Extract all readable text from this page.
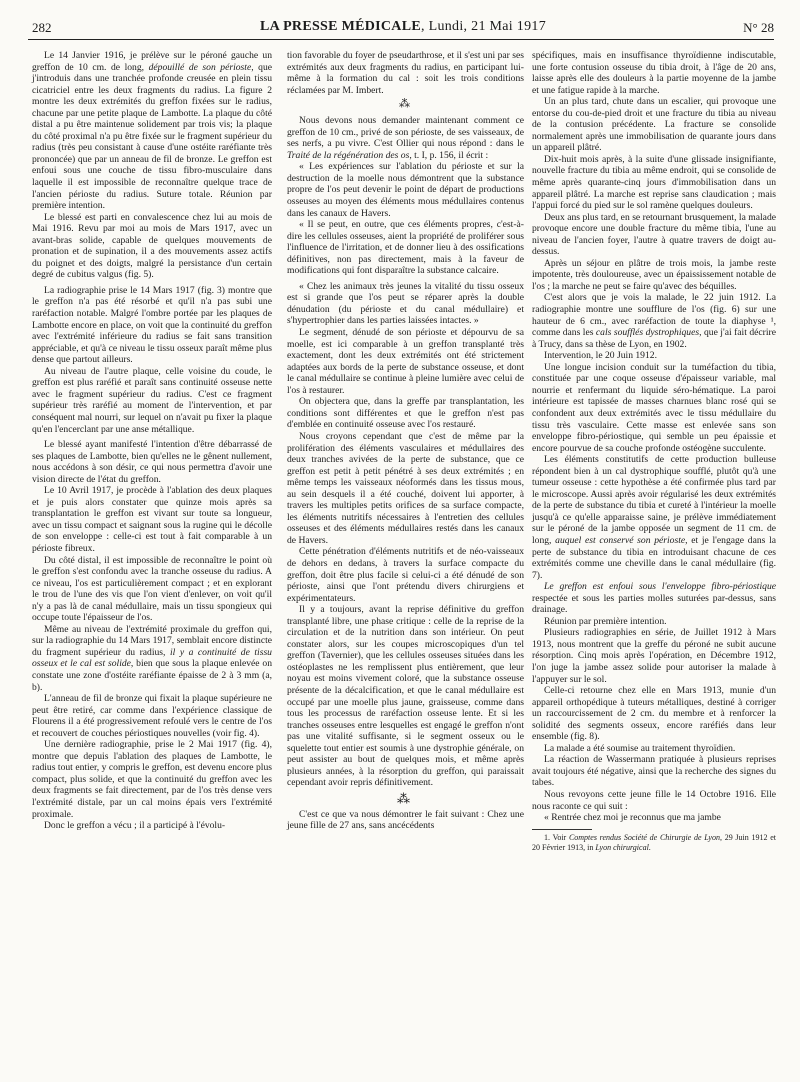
282	LA PRESSE MÉDICALE, Lundi, 21 Mai 1917	N° 28

Le 14 Janvier 1916, je prélève sur le péroné gauche un greffon de 10 cm. de long, dépouillé de son périoste, que j'introduis dans une tranchée profonde creusée en plein tissu cicatriciel entre les deux fragments du radius. La figure 2 montre les deux extrémités du greffon fixées sur le radius, chacune par une petite plaque de Lambotte. La plaque du côté distal a pu être maintenue solidement par trois vis; la plaque du côté proximal n'a pu être fixée sur le fragment supérieur du radius (très peu consistant à cause d'une ostéite raréfiante très prononcée) que par un anneau de fil de bronze. Le greffon est enfoui sous une couche de tissu fibro-musculaire dans laquelle il est impossible de reconnaître quelque trace de l'ancien périoste du radius. Suture totale. Réunion par première intention.

Le blessé est parti en convalescence chez lui au mois de Mai 1916. Revu par moi au mois de Mars 1917, avec un avant-bras solide, capable de quelques mouvements de pronation et de supination, il a des mouvements assez actifs du poignet et des doigts, malgré la persistance d'un certain degré de cubitus valgus (fig. 5).

La radiographie prise le 14 Mars 1917 (fig. 3) montre que le greffon n'a pas été résorbé et qu'il n'a pas subi une raréfaction notable. Malgré l'ombre portée par les plaques de Lambotte encore en place, on voit que la continuité du greffon avec l'extrémité inférieure du radius se fait sans transition appréciable, et qu'à ce niveau le tissu osseux paraît même plus dense que partout ailleurs.

Au niveau de l'autre plaque, celle voisine du coude, le greffon est plus raréfié et paraît sans continuité osseuse nette avec le fragment supérieur du radius. C'est ce fragment supérieur très raréfié au moment de l'intervention, et par conséquent mal nourri, sur lequel on n'avait pu fixer la plaque qu'en l'encerclant par une anse métallique.

Le blessé ayant manifesté l'intention d'être débarrassé de ses plaques de Lambotte, bien qu'elles ne le gênent nullement, nous accédons à son désir, ce qui nous permettra d'avoir une vision directe de l'état du greffon.

Le 10 Avril 1917, je procède à l'ablation des deux plaques et je puis alors constater que quinze mois après sa transplantation le greffon est vivant sur toute sa longueur, avec un tissu compact et saignant sous la rugine qui le décolle de son enveloppe : celle-ci est tout à fait comparable à un périoste fibreux.

Du côté distal, il est impossible de reconnaître le point où le greffon s'est confondu avec la tranche osseuse du radius. A ce niveau, l'os est particulièrement compact ; et en explorant le trou de l'une des vis que l'on vient d'enlever, on voit qu'il n'y a pas là de canal médullaire, mais un tissu spongieux qui occupe toute l'épaisseur de l'os.

Même au niveau de l'extrémité proximale du greffon qui, sur la radiographie du 14 Mars 1917, semblait encore distincte du fragment supérieur du radius, il y a continuité de tissu osseux et le cal est solide, bien que sous la plaque enlevée on constate une zone d'ostéite raréfiante épaisse de 2 à 3 mm (a, b).

L'anneau de fil de bronze qui fixait la plaque supérieure ne peut être retiré, car comme dans l'expérience classique de Flourens il a été progressivement refoulé vers le centre de l'os et recouvert de couches périostiques nouvelles (voir fig. 4).

Une dernière radiographie, prise le 2 Mai 1917 (fig. 4), montre que depuis l'ablation des plaques de Lambotte, le radius tout entier, y compris le greffon, est devenu encore plus compact, plus solide, et que la continuité du greffon avec les deux fragments se fait directement, par de l'os très dense vers l'extrémité distale, par un cal moins épais vers l'extrémité proximale.

Donc le greffon a vécu ; il a participé à l'évolu-

tion favorable du foyer de pseudarthrose, et il s'est uni par ses extrémités aux deux fragments du radius, en participant lui-même à la formation du cal : soit les trois conditions réclamées par M. Imbert.

⁂

Nous devons nous demander maintenant comment ce greffon de 10 cm., privé de son périoste, de ses vaisseaux, de ses nerfs, a pu vivre. C'est Ollier qui nous répond : dans le Traité de la régénération des os, t. I, p. 156, il écrit :

« Les expériences sur l'ablation du périoste et sur la destruction de la moelle nous démontrent que la substance propre de l'os peut devenir le point de départ de productions osseuses au moyen des éléments mous médullaires contenus dans les canaux de Havers.

« Il se peut, en outre, que ces éléments propres, c'est-à-dire les cellules osseuses, aient la propriété de proliférer sous l'influence de l'irritation, et de donner lieu à des ossifications définitives, non pas directement, mais à la faveur de modifications qui font disparaître la substance calcaire.

« Chez les animaux très jeunes la vitalité du tissu osseux est si grande que l'os peut se réparer après la double dénudation (du périoste et du canal médullaire) et s'hypertrophier dans les parties laissées intactes. »

Le segment, dénudé de son périoste et dépourvu de sa moelle, est ici comparable à un greffon transplanté très exactement, dont les deux extrémités ont été strictement adaptées aux bords de la perte de substance osseuse, et dont le canal médullaire se continue à pleine lumière avec celui de l'os à restaurer.

On objectera que, dans la greffe par transplantation, les conditions sont différentes et que le greffon n'est pas d'emblée en continuité osseuse avec l'os restauré.

Nous croyons cependant que c'est de même par la prolifération des éléments vasculaires et médullaires des deux tranches avivées de la perte de substance, que ce greffon est petit à petit pénétré à ses deux extrémités ; en même temps les vaisseaux néoformés dans les tissus mous, au sein desquels il a été couché, doivent lui apporter, à travers les multiples petits orifices de sa surface compacte, les éléments nutritifs nécessaires à l'entretien des cellules osseuses et des éléments médullaires restés dans les canaux de Havers.

Cette pénétration d'éléments nutritifs et de néo-vaisseaux de dehors en dedans, à travers la surface compacte du greffon, doit être plus facile si celui-ci a été dénudé de son périoste, ainsi que l'ont prétendu divers chirurgiens et expérimentateurs.

Il y a toujours, avant la reprise définitive du greffon transplanté libre, une phase critique : celle de la reprise de la circulation et de la nutrition dans son intérieur. On peut constater alors, sur les coupes microscopiques d'un tel greffon (Tavernier), que les cellules osseuses situées dans les ostéoplastes ne les remplissent plus entièrement, que leur noyau est moins vivement coloré, que la substance osseuse présente de la décalcification, et que le canal médullaire est occupé par une moelle plus jaune, graisseuse, comme dans tous les processus de raréfaction osseuse lente. Et si les tranches osseuses entre lesquelles est engagé le greffon n'ont pas une vitalité suffisante, si le segment osseux ou le squelette tout entier est soumis à une dystrophie générale, on peut assister au bout de quelques mois, et même après plusieurs années, à la résorption du greffon, qui paraissait cependant avoir repris définitivement.

⁂

C'est ce que va nous démontrer le fait suivant : Chez une jeune fille de 27 ans, sans ancécédents

spécifiques, mais en insuffisance thyroïdienne indiscutable, une forte contusion osseuse du tibia droit, à l'âge de 20 ans, laisse après elle des douleurs à la partie moyenne de la jambe et une fatigue rapide à la marche.

Un an plus tard, chute dans un escalier, qui provoque une entorse du cou-de-pied droit et une fracture du tibia au niveau de la contusion précédente. La fracture se consolide normalement après une immobilisation de quarante jours dans un appareil plâtré.

Dix-huit mois après, à la suite d'une glissade insignifiante, nouvelle fracture du tibia au même endroit, qui se consolide de même après quarante-cinq jours d'immobilisation dans un appareil plâtré. La marche est reprise sans claudication ; mais l'appui forcé du pied sur le sol ramène quelques douleurs.

Deux ans plus tard, en se retournant brusquement, la malade provoque encore une double fracture du même tibia, l'une au niveau de l'ancien foyer, l'autre à quatre travers de doigt au-dessus.

Après un séjour en plâtre de trois mois, la jambe reste impotente, très douloureuse, avec un épaississement notable de l'os ; la marche ne peut se faire qu'avec des béquilles.

C'est alors que je vois la malade, le 22 juin 1912. La radiographie montre une soufflure de l'os (fig. 6) sur une hauteur de 6 cm., avec raréfaction de toute la diaphyse ¹, comme dans les cals soufflés dystrophiques, que j'ai fait décrire à Trucy, dans sa thèse de Lyon, en 1902.

Intervention, le 20 Juin 1912.

Une longue incision conduit sur la tuméfaction du tibia, constituée par une coque osseuse d'épaisseur variable, mal nourrie et renfermant du liquide séro-hématique. La paroi intérieure est tapissée de masses charnues blanc rosé qui se confondent aux deux extrémités avec le tissu médullaire du tissu très vasculaire. Cette masse est enlevée sans son enveloppe fibro-périostique, qui semble un peu épaissie et encore pourvue de sa couche profonde ostéogène succulente.

Les éléments constitutifs de cette production bulleuse répondent bien à un cal dystrophique soufflé, plutôt qu'à une tumeur osseuse : cette hypothèse a été confirmée plus tard par le microscope. Aussi après avoir régularisé les deux extrémités de la perte de substance du tibia et cureté à l'intérieur la moelle jusqu'à ce qu'elle apparaisse saine, je prélève immédiatement sur le péroné de la jambe opposée un segment de 11 cm. de long, auquel est conservé son périoste, et je l'engage dans la perte de substance du tibia en introduisant chacune de ces extrémités comme une cheville dans le canal médullaire (fig. 7).

Le greffon est enfoui sous l'enveloppe fibro-périostique respectée et sous les parties molles suturées par-dessus, sans drainage.

Réunion par première intention.

Plusieurs radiographies en série, de Juillet 1912 à Mars 1913, nous montrent que la greffe du péroné ne subit aucune résorption. Cinq mois après l'opération, en Décembre 1912, l'on juge la jambe assez solide pour autoriser la malade à l'appuyer sur le sol.

Celle-ci retourne chez elle en Mars 1913, munie d'un appareil orthopédique à tuteurs métalliques, destiné à corriger un raccourcissement de 2 cm. du membre et à renforcer la solidité des segments osseux, encore raréfiés dans leur ensemble (fig. 8).

La malade a été soumise au traitement thyroïdien.

La réaction de Wassermann pratiquée à plusieurs reprises avait toujours été négative, ainsi que la recherche des signes du tabes.

Nous revoyons cette jeune fille le 14 Octobre 1916. Elle nous raconte ce qui suit :

« Rentrée chez moi je reconnus que ma jambe

1. Voir Comptes rendus Société de Chirurgie de Lyon, 29 Juin 1912 et 20 Février 1913, in Lyon chirurgical.
